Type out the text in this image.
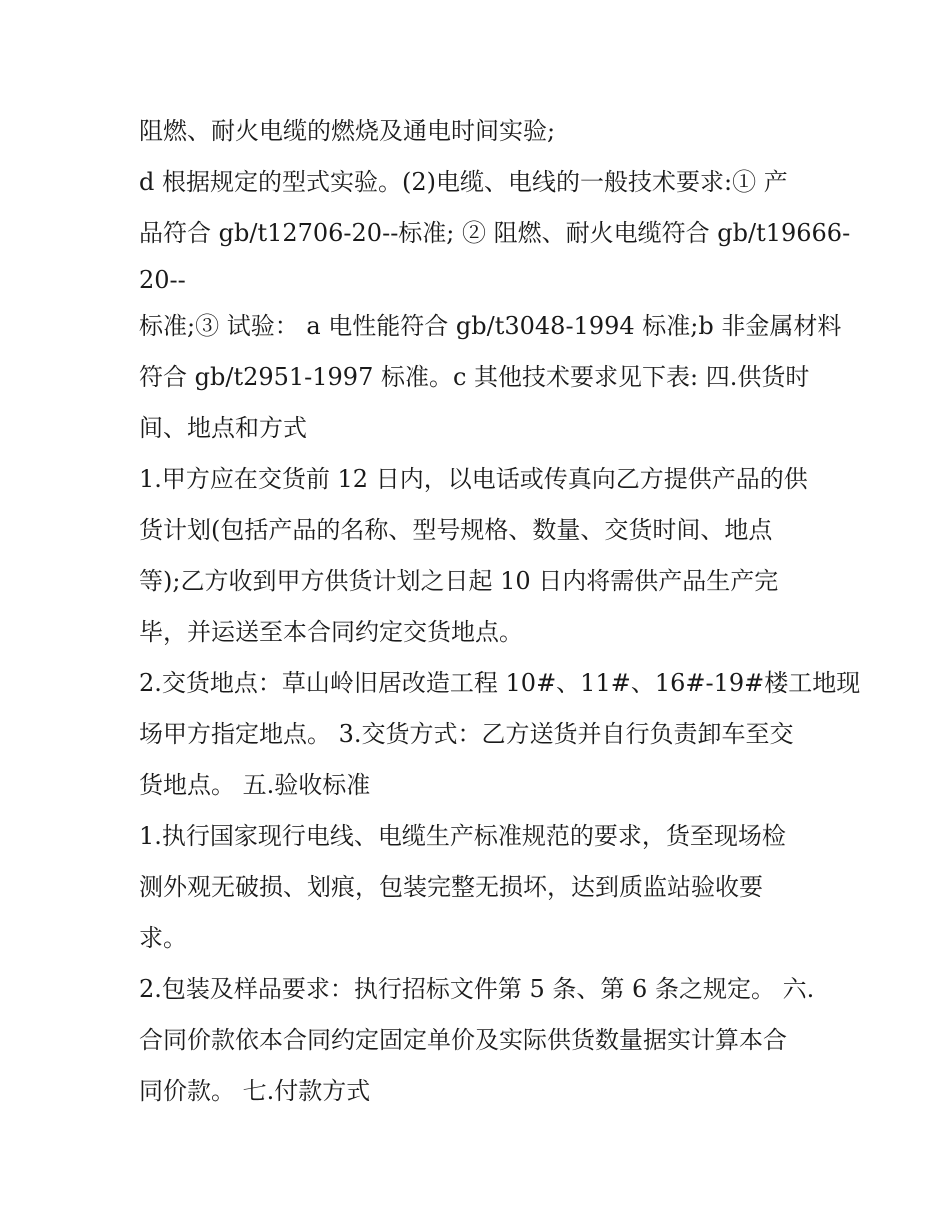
阻燃、耐火电缆的燃烧及通电时间实验;
d 根据规定的型式实验。(2)电缆、电线的一般技术要求:① 产
品符合 gb/t12706-20--标准; ② 阻燃、耐火电缆符合 gb/t19666-
20--
标准;③ 试验： a 电性能符合 gb/t3048-1994 标准;b 非金属材料
符合 gb/t2951-1997 标准。c 其他技术要求见下表: 四.供货时
间、地点和方式
1.甲方应在交货前 12 日内，以电话或传真向乙方提供产品的供
货计划(包括产品的名称、型号规格、数量、交货时间、地点
等);乙方收到甲方供货计划之日起 10 日内将需供产品生产完
毕，并运送至本合同约定交货地点。
2.交货地点：草山岭旧居改造工程 10#、11#、16#-19#楼工地现
场甲方指定地点。 3.交货方式：乙方送货并自行负责卸车至交
货地点。 五.验收标准
1.执行国家现行电线、电缆生产标准规范的要求，货至现场检
测外观无破损、划痕，包装完整无损坏，达到质监站验收要
求。
2.包装及样品要求：执行招标文件第 5 条、第 6 条之规定。 六.
合同价款依本合同约定固定单价及实际供货数量据实计算本合
同价款。 七.付款方式
